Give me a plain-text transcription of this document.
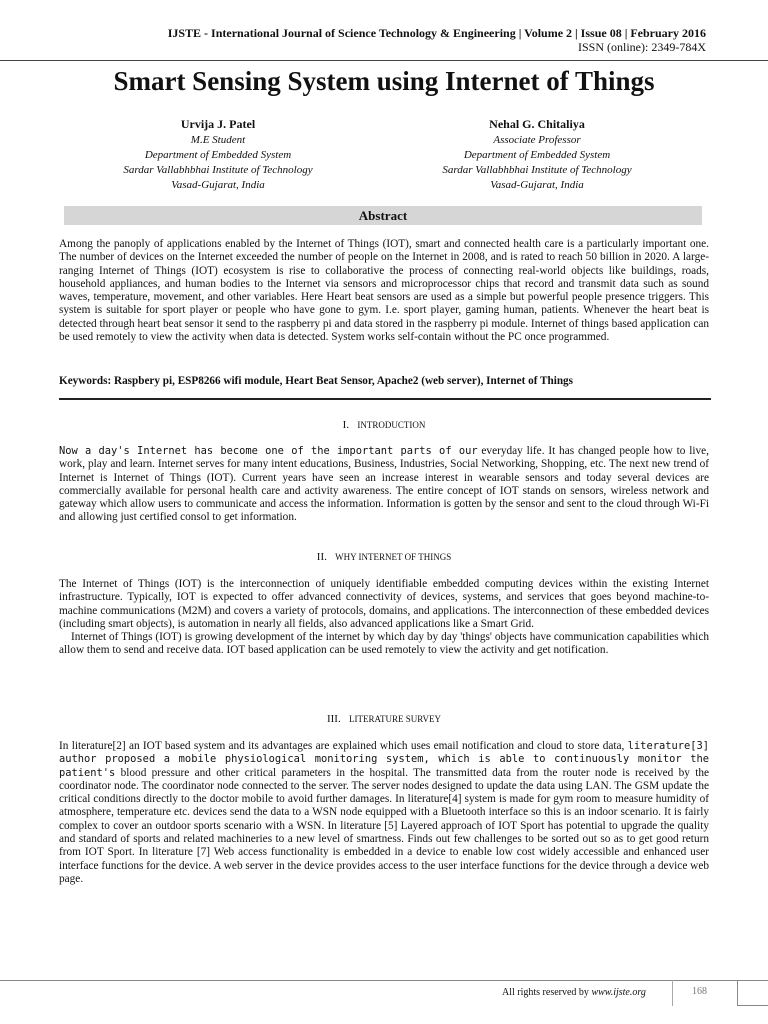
IJSTE - International Journal of Science Technology & Engineering | Volume 2 | Issue 08 | February 2016
ISSN (online): 2349-784X
Smart Sensing System using Internet of Things
Urvija J. Patel
M.E Student
Department of Embedded System
Sardar Vallabhbhai Institute of Technology
Vasad-Gujarat, India
Nehal G. Chitaliya
Associate Professor
Department of Embedded System
Sardar Vallabhbhai Institute of Technology
Vasad-Gujarat, India
Abstract

Among the panoply of applications enabled by the Internet of Things (IOT), smart and connected health care is a particularly important one. The number of devices on the Internet exceeded the number of people on the Internet in 2008, and is rated to reach 50 billion in 2020. A large-ranging Internet of Things (IOT) ecosystem is rise to collaborative the process of connecting real-world objects like buildings, roads, household appliances, and human bodies to the Internet via sensors and microprocessor chips that record and transmit data such as sound waves, temperature, movement, and other variables. Here Heart beat sensors are used as a simple but powerful people presence triggers. This system is suitable for sport player or people who have gone to gym. I.e. sport player, gaming human, patients. Whenever the heart beat is detected through heart beat sensor it send to the raspberry pi and data stored in the raspberry pi module. Internet of things based application can be used remotely to view the activity when data is detected. System works self-contain without the PC once programmed.

Keywords: Raspbery pi, ESP8266 wifi module, Heart Beat Sensor, Apache2 (web server), Internet of Things
I. INTRODUCTION

Now a day's Internet has become one of the important parts of our everyday life. It has changed people how to live, work, play and learn. Internet serves for many intent educations, Business, Industries, Social Networking, Shopping, etc. The next new trend of Internet is Internet of Things (IOT). Current years have seen an increase interest in wearable sensors and today several devices are commercially available for personal health care and activity awareness. The entire concept of IOT stands on sensors, wireless network and gateway which allow users to communicate and access the information. Information is gotten by the sensor and sent to the cloud through Wi-Fi and allowing just certified consol to get information.

II. WHY INTERNET OF THINGS

The Internet of Things (IOT) is the interconnection of uniquely identifiable embedded computing devices within the existing Internet infrastructure. Typically, IOT is expected to offer advanced connectivity of devices, systems, and services that goes beyond machine-to-machine communications (M2M) and covers a variety of protocols, domains, and applications. The interconnection of these embedded devices (including smart objects), is automation in nearly all fields, also advanced applications like a Smart Grid.

Internet of Things (IOT) is growing development of the internet by which day by day 'things' objects have communication capabilities which allow them to send and receive data. IOT based application can be used remotely to view the activity and get notification.

III. LITERATURE SURVEY

In literature[2] an IOT based system and its advantages are explained which uses email notification and cloud to store data, literature[3] author proposed a mobile physiological monitoring system, which is able to continuously monitor the patient's blood pressure and other critical parameters in the hospital. The transmitted data from the router node is received by the coordinator node. The coordinator node connected to the server. The server nodes designed to update the data using LAN. The GSM update the critical conditions directly to the doctor mobile to avoid further damages. In literature[4] system is made for gym room to measure humidity of atmosphere, temperature etc. devices send the data to a WSN node equipped with a Bluetooth interface so this is an indoor scenario. It is fairly complex to cover an outdoor sports scenario with a WSN. In literature [5] Layered approach of IOT Sport has potential to upgrade the quality and standard of sports and related machineries to a new level of smartness. Finds out few challenges to be sorted out so as to get good return from IOT Sport. In literature [7] Web access functionality is embedded in a device to enable low cost widely accessible and enhanced user interface functions for the device. A web server in the device provides access to the user interface functions for the device through a device web page.

All rights reserved by www.ijste.org	168
